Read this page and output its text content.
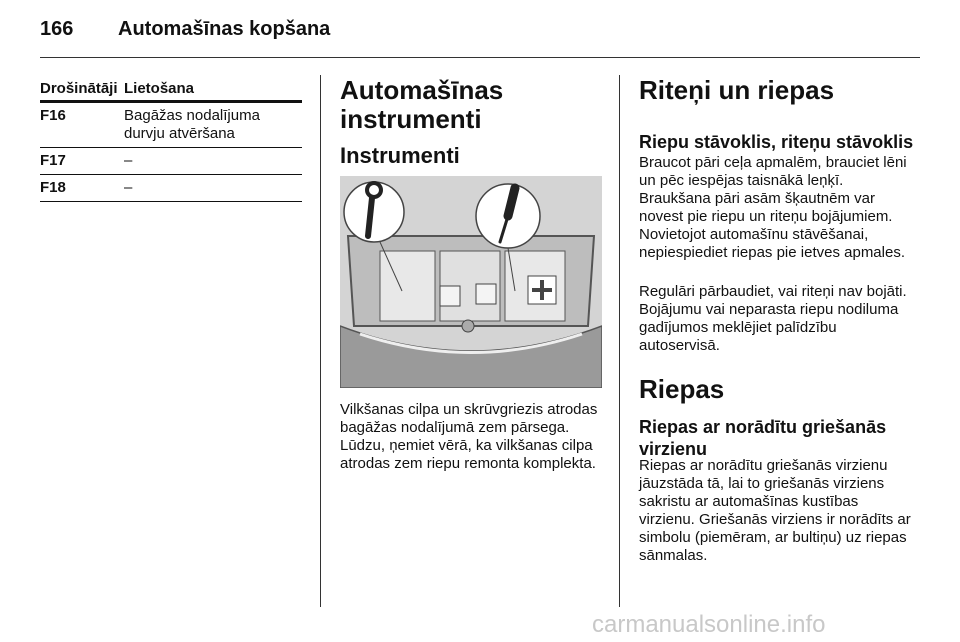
166 Automašīnas kopšana
Drošinātāji Lietošana
F16	Bagāžas nodalījuma durvju atvēršana
F17	–
F18	–
Automašīnas instrumenti
Instrumenti
Vilkšanas cilpa un skrūvgriezis atrodas bagāžas nodalījumā zem pārsega. Lūdzu, ņemiet vērā, ka vilkšanas cilpa atrodas zem riepu remonta komplekta.
Riteņi un riepas
Riepu stāvoklis, riteņu stāvoklis
Braucot pāri ceļa apmalēm, brauciet lēni un pēc iespējas taisnākā leņķī. Braukšana pāri asām šķautnēm var novest pie riepu un riteņu bojājumiem. Novietojot automašīnu stāvēšanai, nepiespiediet riepas pie ietves apmales.
Regulāri pārbaudiet, vai riteņi nav bojāti. Bojājumu vai neparasta riepu nodiluma gadījumos meklējiet palīdzību autoservisā.
Riepas
Riepas ar norādītu griešanās virzienu
Riepas ar norādītu griešanās virzienu jāuzstāda tā, lai to griešanās virziens sakristu ar automašīnas kustības virzienu. Griešanās virziens ir norādīts ar simbolu (piemēram, ar bultiņu) uz riepas sānmalas.
carmanualsonline.info
